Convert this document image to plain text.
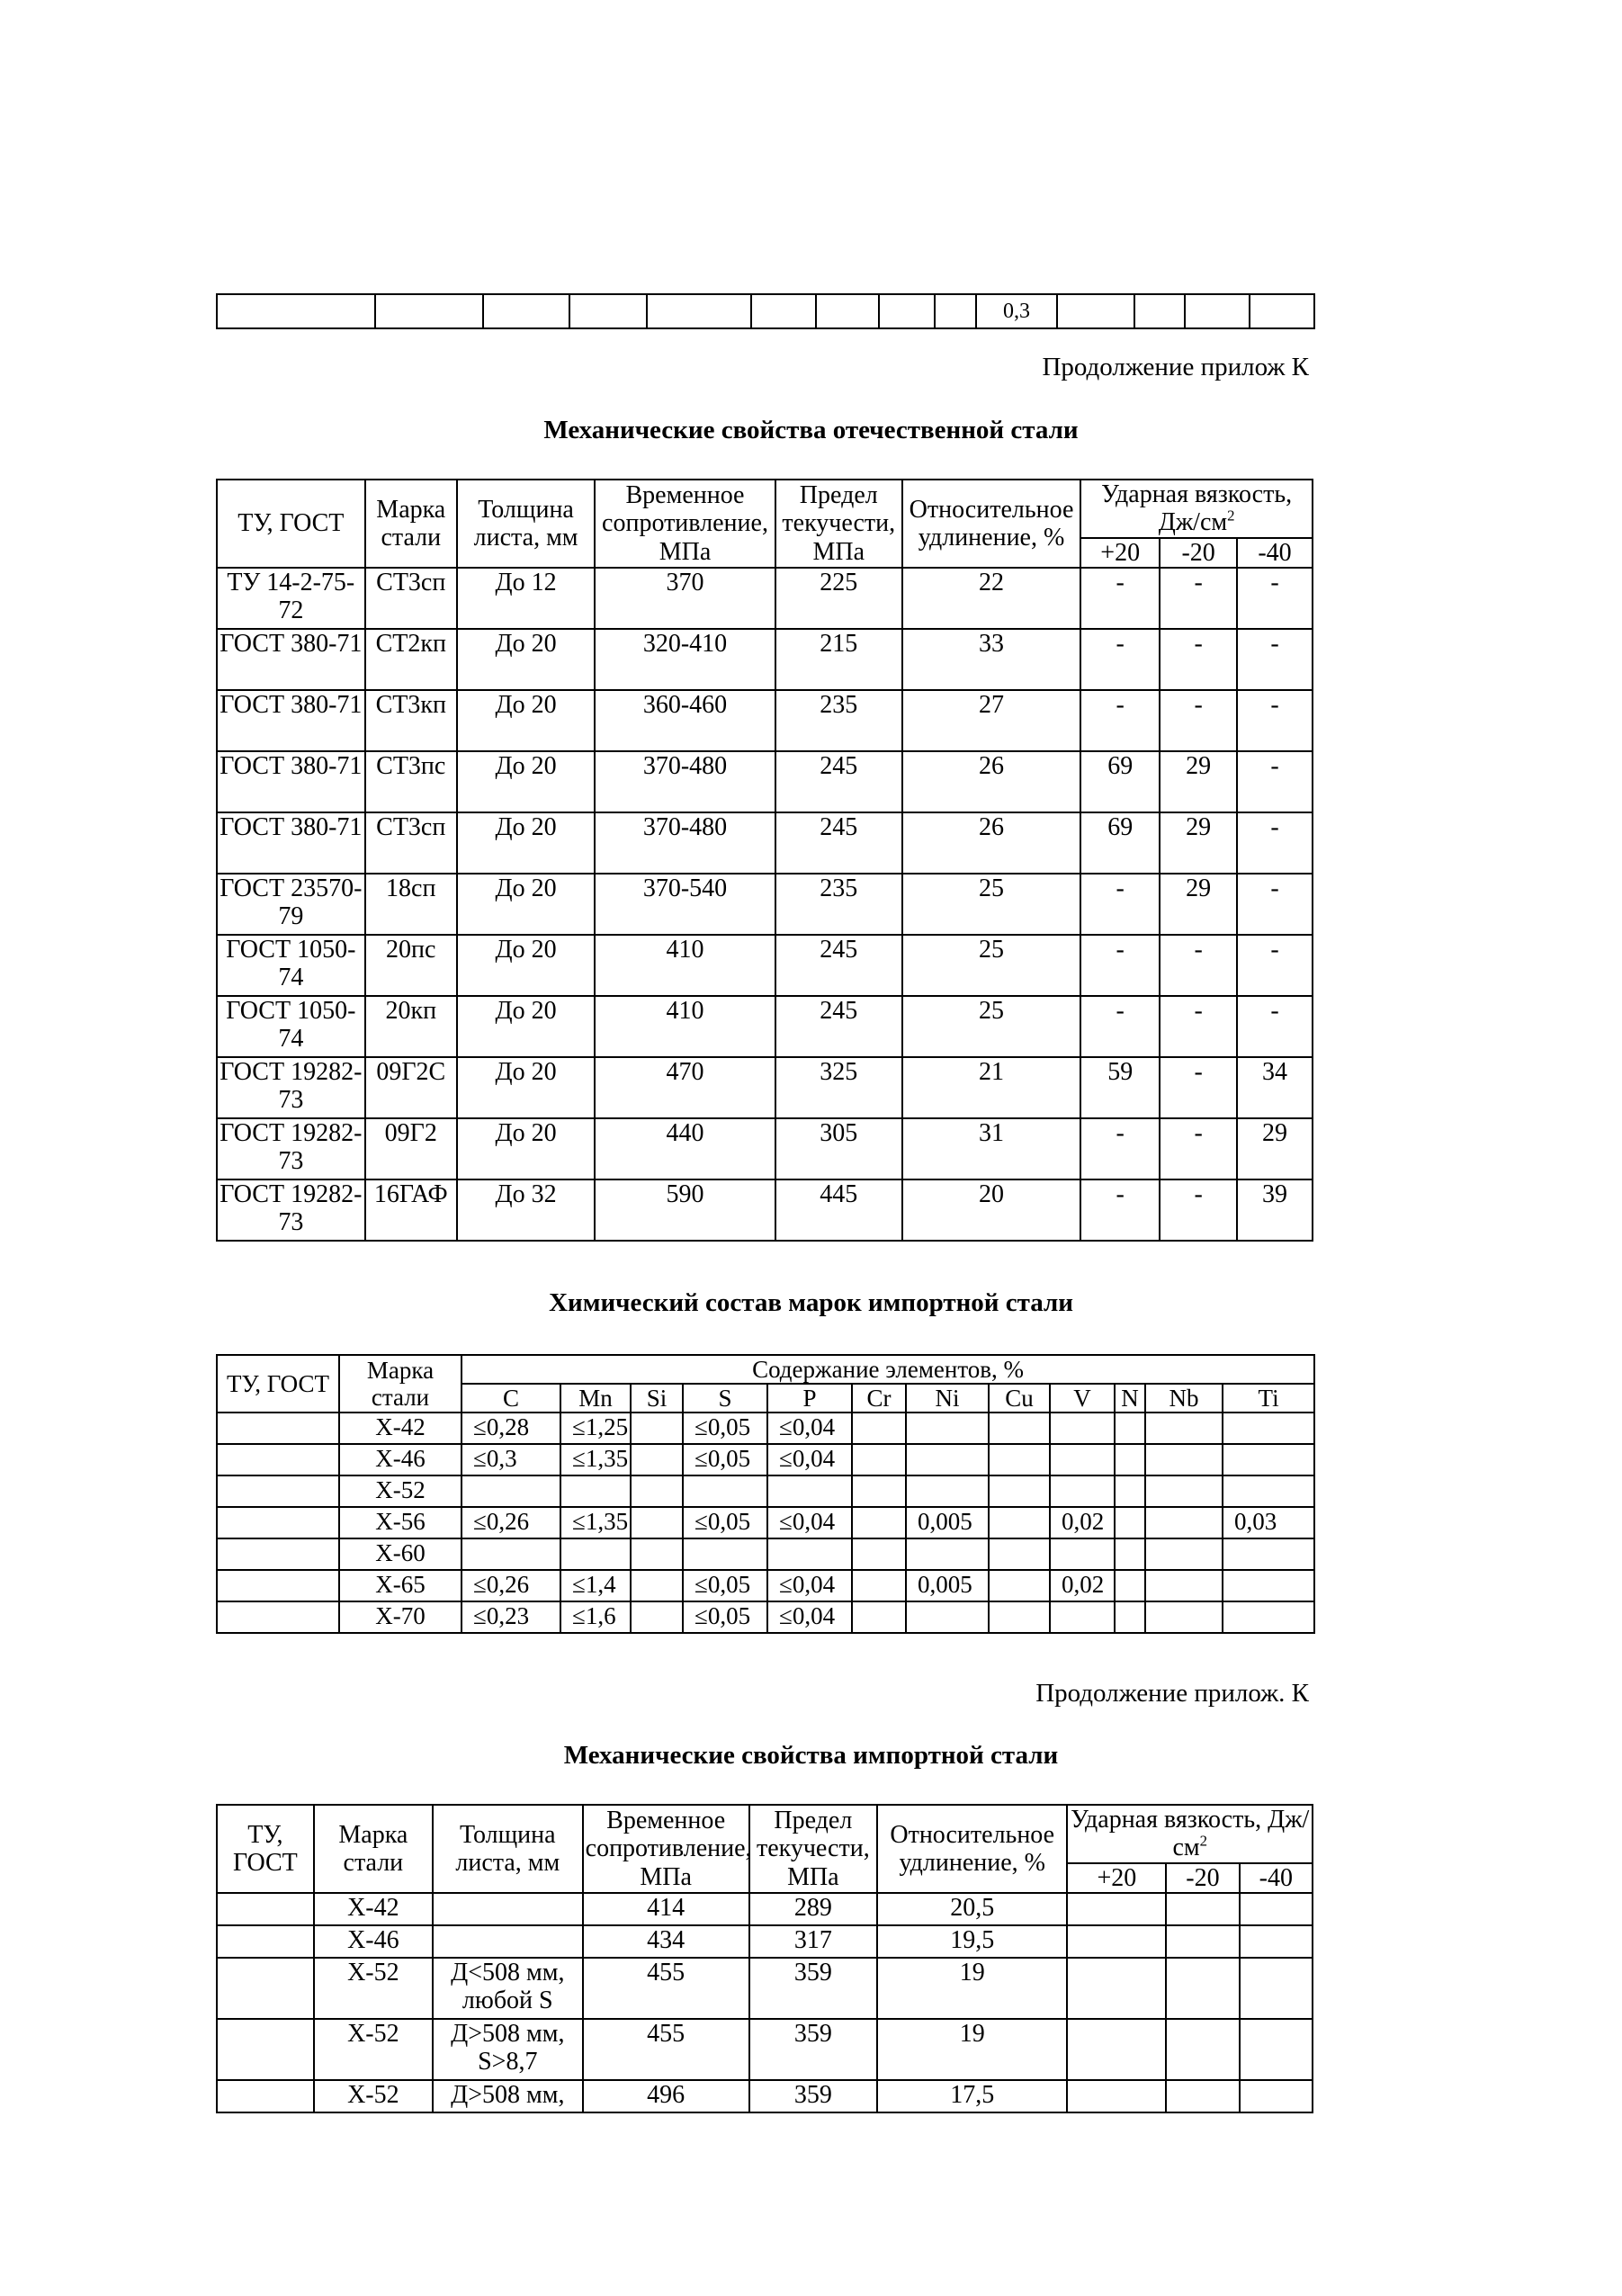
									0,3				
Продолжение прилож К
Механические свойства отечественной стали
ТУ, ГОСТ	Марка стали	Толщина листа, мм	Временное сопротивление, МПа	Предел текучести, МПа	Относительное удлинение, %	Ударная вязкость, $Дж/см^2$
						+20	-20	-40
ТУ 14-2-75-72	СТ3сп	До 12	370	225	22	-	-	-
ГОСТ 380-71	СТ2кп	До 20	320-410	215	33	-	-	-
ГОСТ 380-71	СТ3кп	До 20	360-460	235	27	-	-	-
ГОСТ 380-71	СТ3пс	До 20	370-480	245	26	69	29	-
ГОСТ 380-71	СТ3сп	До 20	370-480	245	26	69	29	-
ГОСТ 23570-79	18сп	До 20	370-540	235	25	-	29	-
ГОСТ 1050-74	20пс	До 20	410	245	25	-	-	-
ГОСТ 1050-74	20кп	До 20	410	245	25	-	-	-
ГОСТ 19282-73	09Г2С	До 20	470	325	21	59	-	34
ГОСТ 19282-73	09Г2	До 20	440	305	31	-	-	29
ГОСТ 19282-73	16ГАФ	До 32	590	445	20	-	-	39
Химический состав марок импортной стали
ТУ, ГОСТ	Марка стали	Содержание элементов, %											
		C	Mn	Si	S	P	Cr	Ni	Cu	V	N	Nb	Ti
	Х-42	≤0,28	≤1,25		≤0,05	≤0,04							
	Х-46	≤0,3	≤1,35		≤0,05	≤0,04							
	Х-52												
	Х-56	≤0,26	≤1,35		≤0,05	≤0,04		0,005		0,02			0,03
	Х-60												
	Х-65	≤0,26	≤1,4		≤0,05	≤0,04		0,005		0,02			
	Х-70	≤0,23	≤1,6		≤0,05	≤0,04							
Продолжение прилож. К
Механические свойства импортной стали
ТУ, ГОСТ	Марка стали	Толщина листа, мм	Временное сопротивление, МПа	Предел текучести, МПа	Относительное удлинение, %	Ударная вязкость, $Дж/см^2$
						+20	-20	-40
	Х-42		414	289	20,5			
	Х-46		434	317	19,5			
	Х-52	Д<508 мм, любой S	455	359	19			
	Х-52	Д>508 мм, S>8,7	455	359	19			
	Х-52	Д>508 мм,	496	359	17,5			
